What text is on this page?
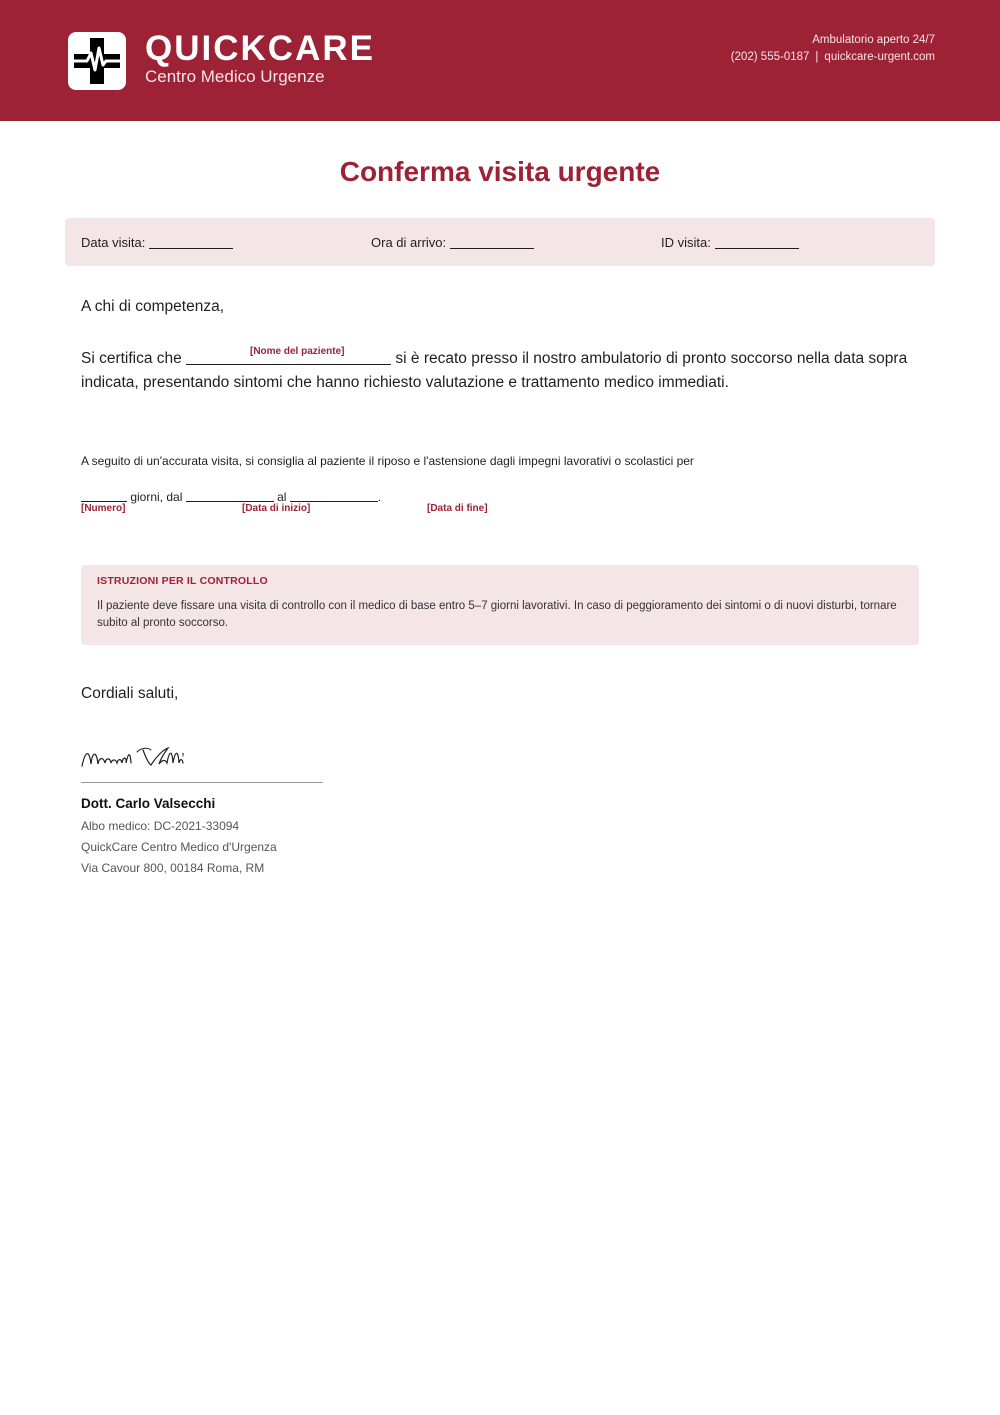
QUICKCARE
Centro Medico Urgenze
Ambulatorio aperto 24/7
(202) 555-0187 | quickcare-urgent.com
Conferma visita urgente
Data visita:	Ora di arrivo:	ID visita:
A chi di competenza,
[Nome del paziente]
Si certifica che	si è recato presso il nostro ambulatorio di pronto soccorso nella data sopra indicata, presentando sintomi che hanno richiesto valutazione e trattamento medico immediati.
A seguito di un'accurata visita, si consiglia al paziente il riposo e l'astensione dagli impegni lavorativi o scolastici per
giorni, dal	al	.
[Numero]	[Data di inizio]	[Data di fine]
ISTRUZIONI PER IL CONTROLLO
Il paziente deve fissare una visita di controllo con il medico di base entro 5–7 giorni lavorativi. In caso di peggioramento dei sintomi o di nuovi disturbi, tornare subito al pronto soccorso.
Cordiali saluti,
Dott. Carlo Valsecchi
Albo medico: DC-2021-33094
QuickCare Centro Medico d'Urgenza
Via Cavour 800, 00184 Roma, RM
